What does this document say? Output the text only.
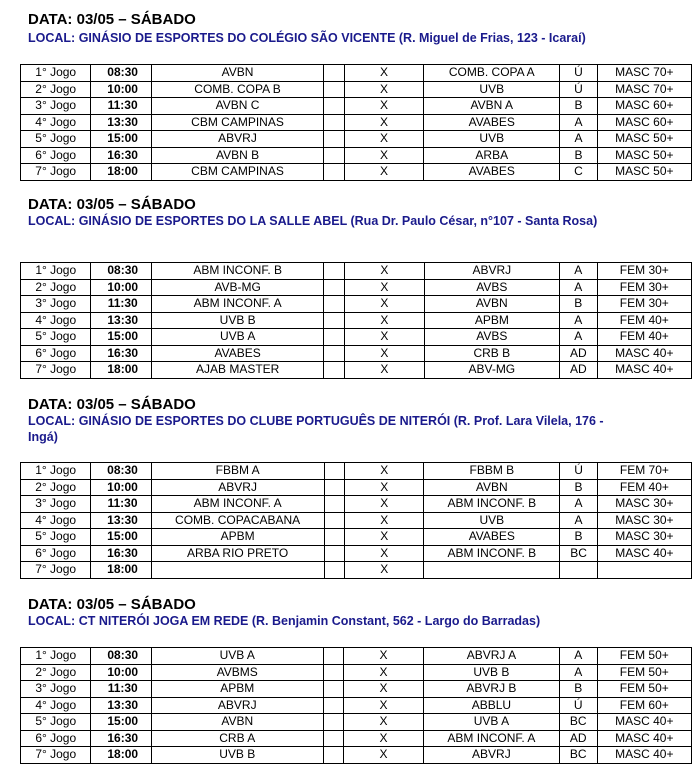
DATA: 03/05 – SÁBADO
LOCAL: GINÁSIO DE ESPORTES DO COLÉGIO SÃO VICENTE (R. Miguel de Frias, 123 - Icaraí)
1° Jogo	08:30	AVBN		X	COMB. COPA A	Ú	MASC 70+
2° Jogo	10:00	COMB. COPA B		X	UVB	Ú	MASC 70+
3° Jogo	11:30	AVBN C		X	AVBN A	B	MASC 60+
4° Jogo	13:30	CBM CAMPINAS		X	AVABES	A	MASC 60+
5° Jogo	15:00	ABVRJ		X	UVB	A	MASC 50+
6° Jogo	16:30	AVBN B		X	ARBA	B	MASC 50+
7° Jogo	18:00	CBM CAMPINAS		X	AVABES	C	MASC 50+
DATA: 03/05 – SÁBADO
LOCAL: GINÁSIO DE ESPORTES DO LA SALLE ABEL (Rua Dr. Paulo César, n°107 - Santa Rosa)
1° Jogo	08:30	ABM INCONF. B		X	ABVRJ	A	FEM 30+
2° Jogo	10:00	AVB-MG		X	AVBS	A	FEM 30+
3° Jogo	11:30	ABM INCONF. A		X	AVBN	B	FEM 30+
4° Jogo	13:30	UVB B		X	APBM	A	FEM 40+
5° Jogo	15:00	UVB A		X	AVBS	A	FEM 40+
6° Jogo	16:30	AVABES		X	CRB B	AD	MASC 40+
7° Jogo	18:00	AJAB MASTER		X	ABV-MG	AD	MASC 40+
DATA: 03/05 – SÁBADO
LOCAL: GINÁSIO DE ESPORTES DO CLUBE PORTUGUÊS DE NITERÓI (R. Prof. Lara Vilela, 176 - Ingá)
1° Jogo	08:30	FBBM A		X	FBBM B	Ú	FEM 70+
2° Jogo	10:00	ABVRJ		X	AVBN	B	FEM 40+
3° Jogo	11:30	ABM INCONF. A		X	ABM INCONF. B	A	MASC 30+
4° Jogo	13:30	COMB. COPACABANA		X	UVB	A	MASC 30+
5° Jogo	15:00	APBM		X	AVABES	B	MASC 30+
6° Jogo	16:30	ARBA RIO PRETO		X	ABM INCONF. B	BC	MASC 40+
7° Jogo	18:00			X			
DATA: 03/05 – SÁBADO
LOCAL: CT NITERÓI JOGA EM REDE (R. Benjamin Constant, 562 - Largo do Barradas)
1° Jogo	08:30	UVB A		X	ABVRJ A	A	FEM 50+
2° Jogo	10:00	AVBMS		X	UVB B	A	FEM 50+
3° Jogo	11:30	APBM		X	ABVRJ B	B	FEM 50+
4° Jogo	13:30	ABVRJ		X	ABBLU	Ú	FEM 60+
5° Jogo	15:00	AVBN		X	UVB A	BC	MASC 40+
6° Jogo	16:30	CRB A		X	ABM INCONF. A	AD	MASC 40+
7° Jogo	18:00	UVB B		X	ABVRJ	BC	MASC 40+
